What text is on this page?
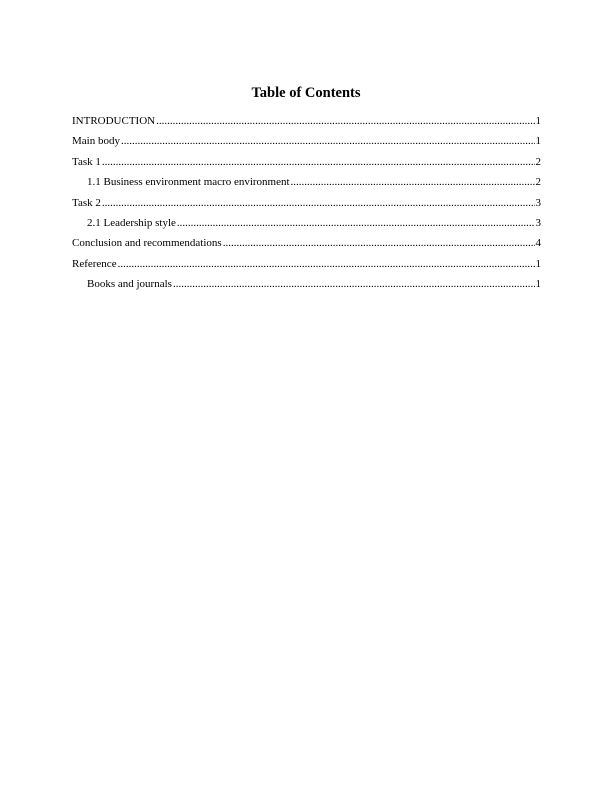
Table of Contents
INTRODUCTION .....	1
Main body .....	1
Task 1 .....	2
1.1 Business environment macro environment .....	2
Task 2 .....	3
2.1 Leadership style .....	3
Conclusion and recommendations .....	4
Reference .....	1
Books and journals .....	1
